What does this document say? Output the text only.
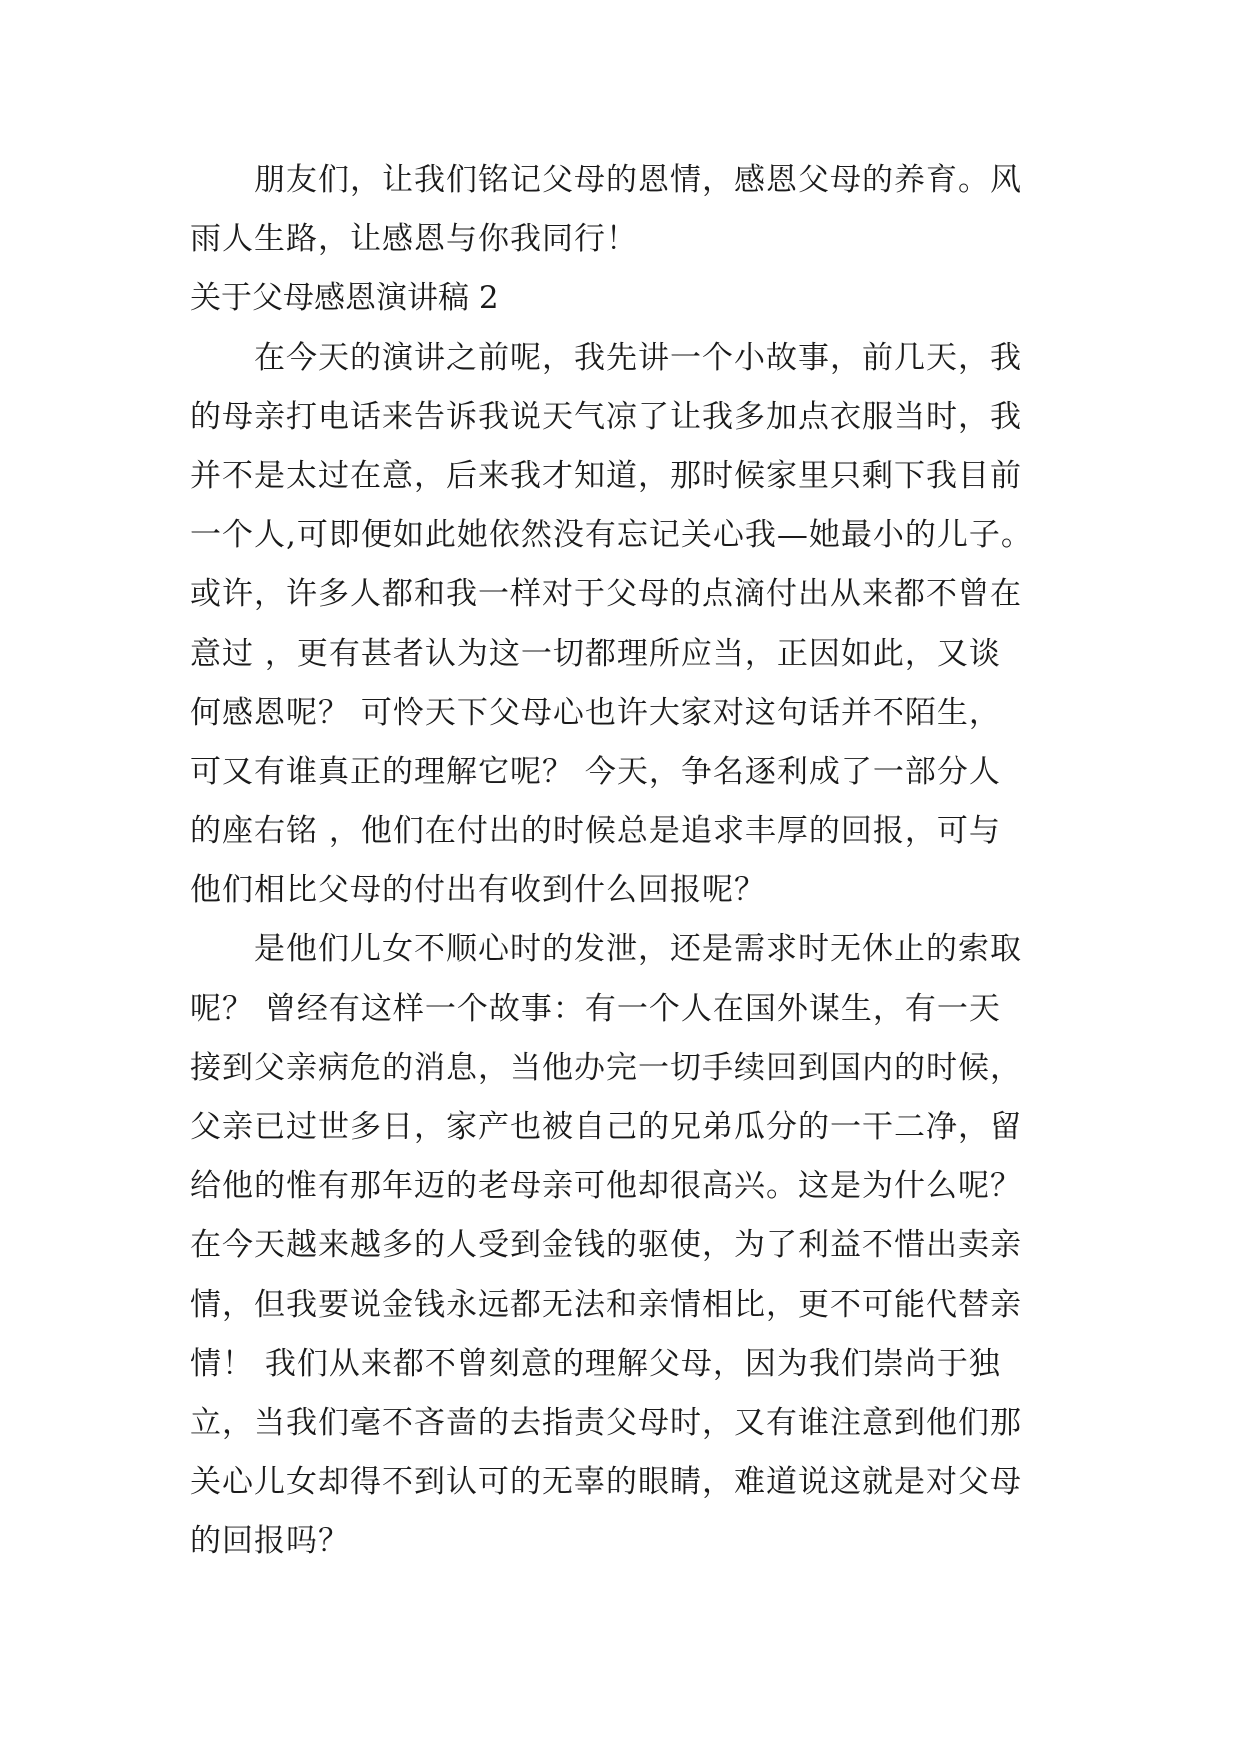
朋友们，让我们铭记父母的恩情，感恩父母的养育。风
雨人生路，让感恩与你我同行！
关于父母感恩演讲稿 2
在今天的演讲之前呢，我先讲一个小故事，前几天，我
的母亲打电话来告诉我说天气凉了让我多加点衣服当时，我
并不是太过在意，后来我才知道，那时候家里只剩下我目前
一个人,可即便如此她依然没有忘记关心我—她最小的儿子。
或许，许多人都和我一样对于父母的点滴付出从来都不曾在
意过 ，更有甚者认为这一切都理所应当，正因如此，又谈
何感恩呢？ 可怜天下父母心也许大家对这句话并不陌生，
可又有谁真正的理解它呢？ 今天，争名逐利成了一部分人
的座右铭 ，他们在付出的时候总是追求丰厚的回报，可与
他们相比父母的付出有收到什么回报呢？
是他们儿女不顺心时的发泄，还是需求时无休止的索取
呢？ 曾经有这样一个故事：有一个人在国外谋生，有一天
接到父亲病危的消息，当他办完一切手续回到国内的时候，
父亲已过世多日，家产也被自己的兄弟瓜分的一干二净，留
给他的惟有那年迈的老母亲可他却很高兴。这是为什么呢？
在今天越来越多的人受到金钱的驱使，为了利益不惜出卖亲
情，但我要说金钱永远都无法和亲情相比，更不可能代替亲
情！ 我们从来都不曾刻意的理解父母，因为我们崇尚于独
立，当我们毫不吝啬的去指责父母时，又有谁注意到他们那
关心儿女却得不到认可的无辜的眼睛，难道说这就是对父母
的回报吗？
